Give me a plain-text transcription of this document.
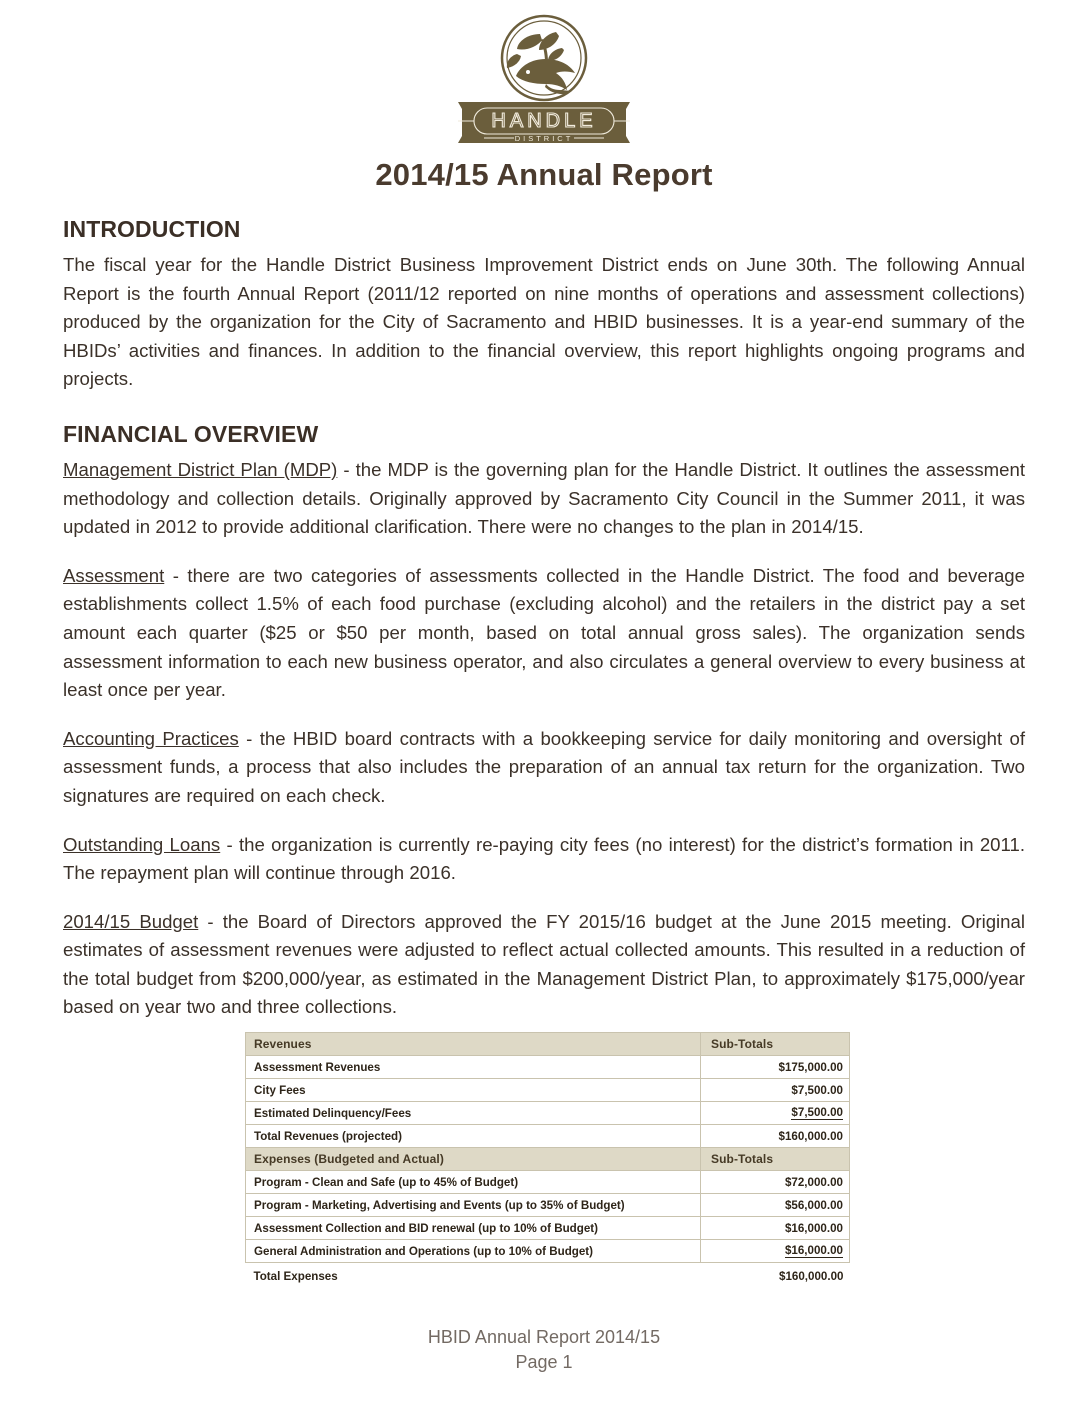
HANDLE
DISTRICT
2014/15 Annual Report
INTRODUCTION

The fiscal year for the Handle District Business Improvement District ends on June 30th. The following Annual Report is the fourth Annual Report (2011/12 reported on nine months of operations and assessment collections) produced by the organization for the City of Sacramento and HBID businesses. It is a year-end summary of the HBIDs’ activities and finances. In addition to the financial overview, this report highlights ongoing programs and projects.

FINANCIAL OVERVIEW

Management District Plan (MDP) - the MDP is the governing plan for the Handle District. It outlines the assessment methodology and collection details. Originally approved by Sacramento City Council in the Summer 2011, it was updated in 2012 to provide additional clarification. There were no changes to the plan in 2014/15.

Assessment - there are two categories of assessments collected in the Handle District. The food and beverage establishments collect 1.5% of each food purchase (excluding alcohol) and the retailers in the district pay a set amount each quarter ($25 or $50 per month, based on total annual gross sales). The organization sends assessment information to each new business operator, and also circulates a general overview to every business at least once per year.

Accounting Practices - the HBID board contracts with a bookkeeping service for daily monitoring and oversight of assessment funds, a process that also includes the preparation of an annual tax return for the organization. Two signatures are required on each check.

Outstanding Loans - the organization is currently re-paying city fees (no interest) for the district’s formation in 2011. The repayment plan will continue through 2016.

2014/15 Budget - the Board of Directors approved the FY 2015/16 budget at the June 2015 meeting. Original estimates of assessment revenues were adjusted to reflect actual collected amounts. This resulted in a reduction of the total budget from $200,000/year, as estimated in the Management District Plan, to approximately $175,000/year based on year two and three collections.

Revenues	Sub-Totals
Assessment Revenues	$175,000.00
City Fees	$7,500.00
Estimated Delinquency/Fees	$7,500.00
Total Revenues (projected)	$160,000.00
Expenses (Budgeted and Actual)	Sub-Totals
Program - Clean and Safe (up to 45% of Budget)	$72,000.00
Program - Marketing, Advertising and Events (up to 35% of Budget)	$56,000.00
Assessment Collection and BID renewal (up to 10% of Budget)	$16,000.00
General Administration and Operations (up to 10% of Budget)	$16,000.00
Total Expenses	$160,000.00
HBID Annual Report 2014/15
Page 1
